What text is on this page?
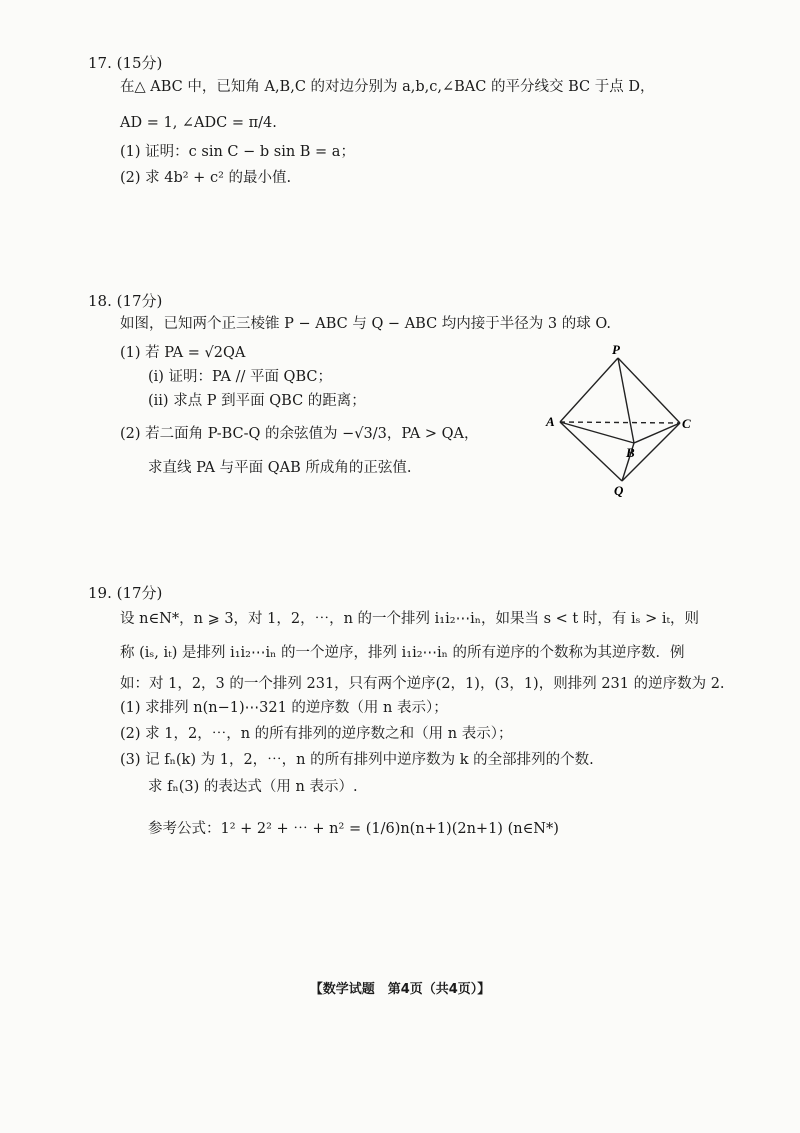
17. (15分)
在△ ABC 中，已知角 A,B,C 的对边分别为 a,b,c,∠BAC 的平分线交 BC 于点 D，
AD = 1, ∠ADC = π/4.
(1) 证明：c sin C − b sin B = a；
(2) 求 4b² + c² 的最小值.
18. (17分)
如图，已知两个正三棱锥 P − ABC 与 Q − ABC 均内接于半径为 3 的球 O.
(1) 若 PA = √2QA
(ⅰ) 证明：PA // 平面 QBC；
(ⅱ) 求点 P 到平面 QBC 的距离；
(2) 若二面角 P-BC-Q 的余弦值为 −√3/3，PA > QA，
求直线 PA 与平面 QAB 所成角的正弦值.
P
A
B
C
Q
19. (17分)
设 n∈N*，n ⩾ 3，对 1，2，⋯，n 的一个排列 i₁i₂⋯iₙ，如果当 s < t 时，有 iₛ > iₜ，则
称 (iₛ, iₜ) 是排列 i₁i₂⋯iₙ 的一个逆序，排列 i₁i₂⋯iₙ 的所有逆序的个数称为其逆序数．例
如：对 1，2，3 的一个排列 231，只有两个逆序(2，1)，(3，1)，则排列 231 的逆序数为 2.
(1) 求排列 n(n−1)⋯321 的逆序数（用 n 表示）；
(2) 求 1，2，⋯，n 的所有排列的逆序数之和（用 n 表示）；
(3) 记 fₙ(k) 为 1，2，⋯，n 的所有排列中逆序数为 k 的全部排列的个数.
求 fₙ(3) 的表达式（用 n 表示）.
参考公式：1² + 2² + ⋯ + n² = (1/6)n(n+1)(2n+1) (n∈N*)
【数学试题　第4页（共4页）】
